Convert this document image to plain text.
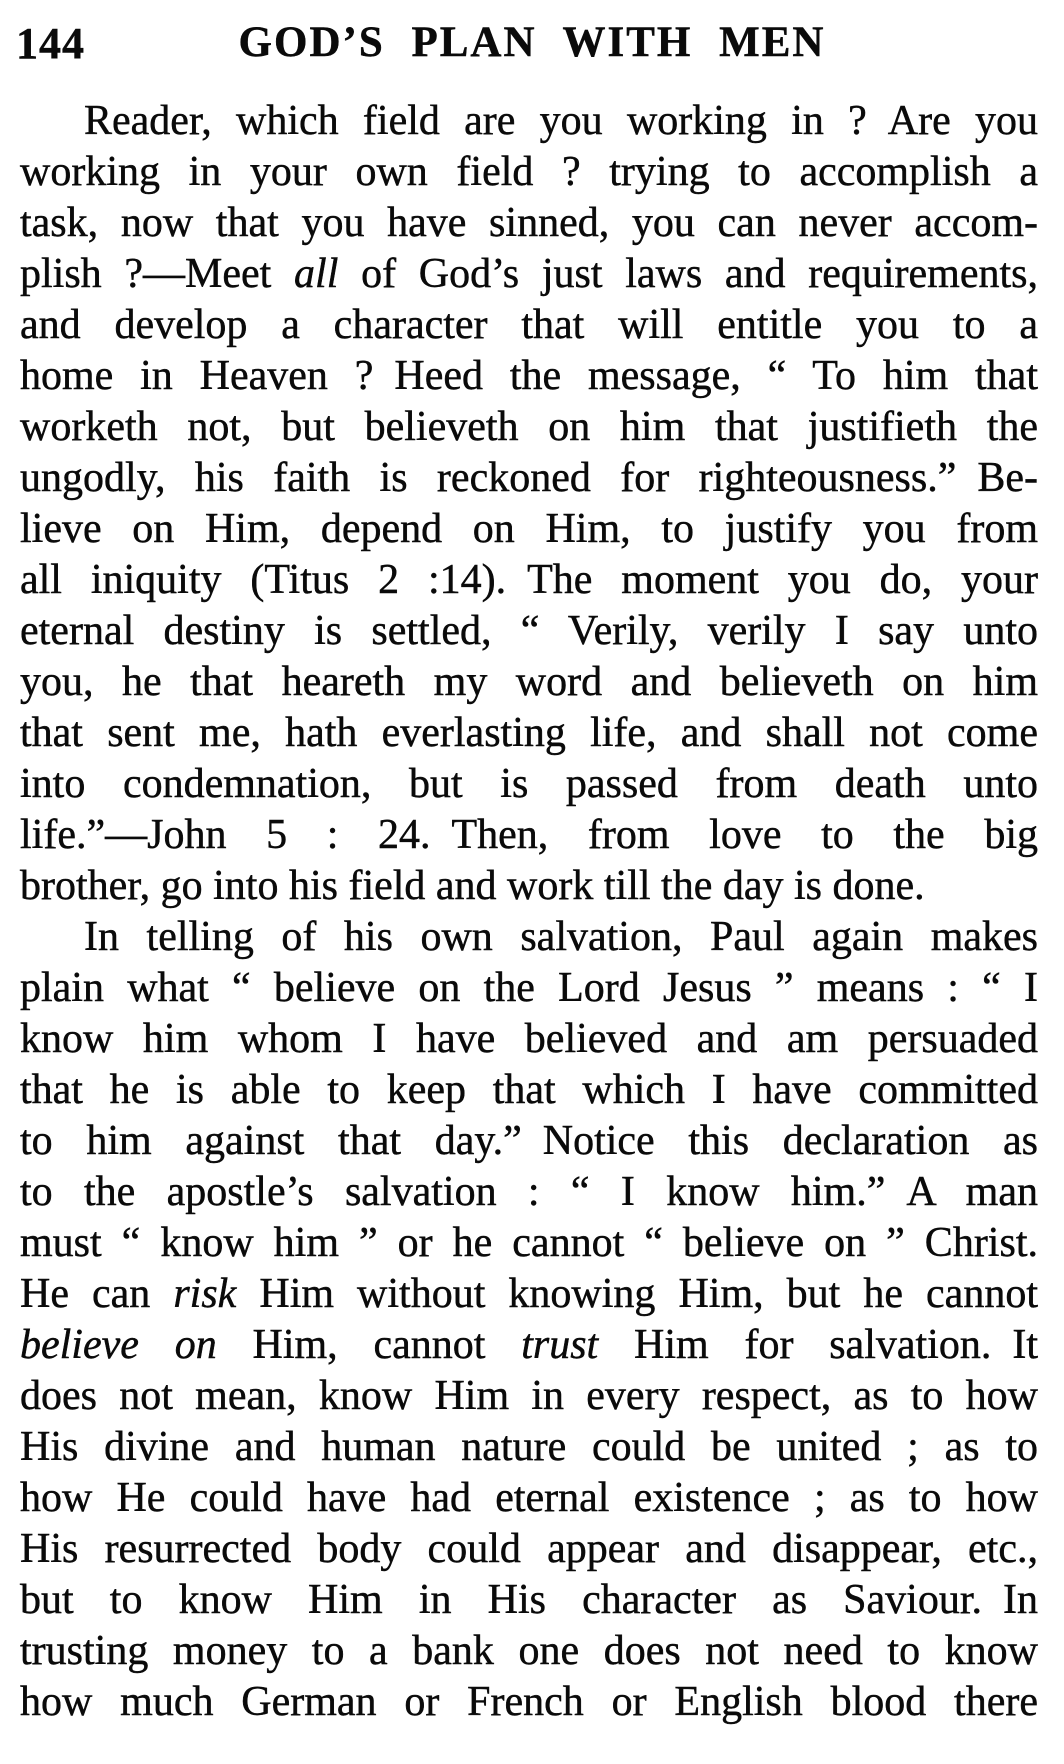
144	GOD’S PLAN WITH MEN
Reader, which field are you working in ? Are you
working in your own field ? trying to accomplish a
task, now that you have sinned, you can never accom-
plish ?—Meet all of God’s just laws and requirements,
and develop a character that will entitle you to a
home in Heaven ? Heed the message, “ To him that
worketh not, but believeth on him that justifieth the
ungodly, his faith is reckoned for righteousness.” Be-
lieve on Him, depend on Him, to justify you from
all iniquity (Titus 2 :14). The moment you do, your
eternal destiny is settled, “ Verily, verily I say unto
you, he that heareth my word and believeth on him
that sent me, hath everlasting life, and shall not come
into condemnation, but is passed from death unto
life.”—John 5 : 24. Then, from love to the big
brother, go into his field and work till the day is done.
In telling of his own salvation, Paul again makes
plain what “ believe on the Lord Jesus ” means : “ I
know him whom I have believed and am persuaded
that he is able to keep that which I have committed
to him against that day.” Notice this declaration as
to the apostle’s salvation : “ I know him.” A man
must “ know him ” or he cannot “ believe on ” Christ.
He can risk Him without knowing Him, but he cannot
believe on Him, cannot trust Him for salvation. It
does not mean, know Him in every respect, as to how
His divine and human nature could be united ; as to
how He could have had eternal existence ; as to how
His resurrected body could appear and disappear, etc.,
but to know Him in His character as Saviour. In
trusting money to a bank one does not need to know
how much German or French or English blood there
